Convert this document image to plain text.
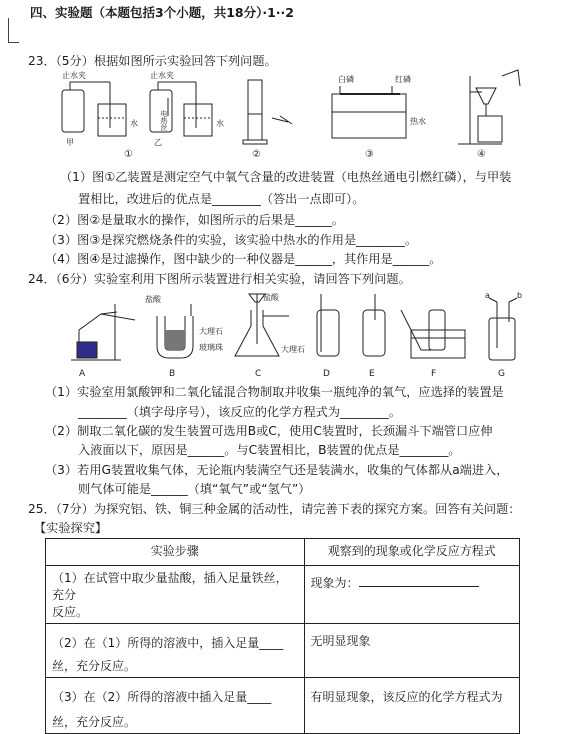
四、实验题（本题包括3个小题，共18分）·1··2
23．（5分）根据如图所示实验回答下列问题。
止水夹	止水夹
甲	乙
水	水
白磷	红磷
热水
①	②	③	④
电热丝
（1）图①乙装置是测定空气中氧气含量的改进装置（电热丝通电引燃红磷），与甲装
置相比，改进后的优点是________（答出一点即可）。
（2）图②是量取水的操作，如图所示的后果是______。
（3）图③是探究燃烧条件的实验，该实验中热水的作用是________。
（4）图④是过滤操作，图中缺少的一种仪器是______，其作用是______。
24．（6分）实验室利用下图所示装置进行相关实验，请回答下列问题。
盐酸	盐酸
大理石
玻璃珠	大理石
a	b
A	B	C	D	E	F	G
（1）实验室用氯酸钾和二氧化锰混合物制取并收集一瓶纯净的氧气，应选择的装置是
________（填字母序号），该反应的化学方程式为________。
（2）制取二氧化碳的发生装置可选用B或C，使用C装置时，长颈漏斗下端管口应伸
入液面以下，原因是______。与C装置相比，B装置的优点是________。
（3）若用G装置收集气体，无论瓶内装满空气还是装满水，收集的气体都从a端进入，
则气体可能是______（填“氧气”或“氢气”）
25．（7分）为探究铝、铁、铜三种金属的活动性，请完善下表的探究方案。回答有关问题：
【实验探究】
实验步骤	观察到的现象或化学反应方程式

（1）在试管中取少量盐酸，插入足量铁丝，充分
反应。	现象为：

（2）在（1）所得的溶液中，插入足量____
丝，充分反应。	无明显现象

（3）在（2）所得的溶液中插入足量____
丝，充分反应。	有明显现象，该反应的化学方程式为
